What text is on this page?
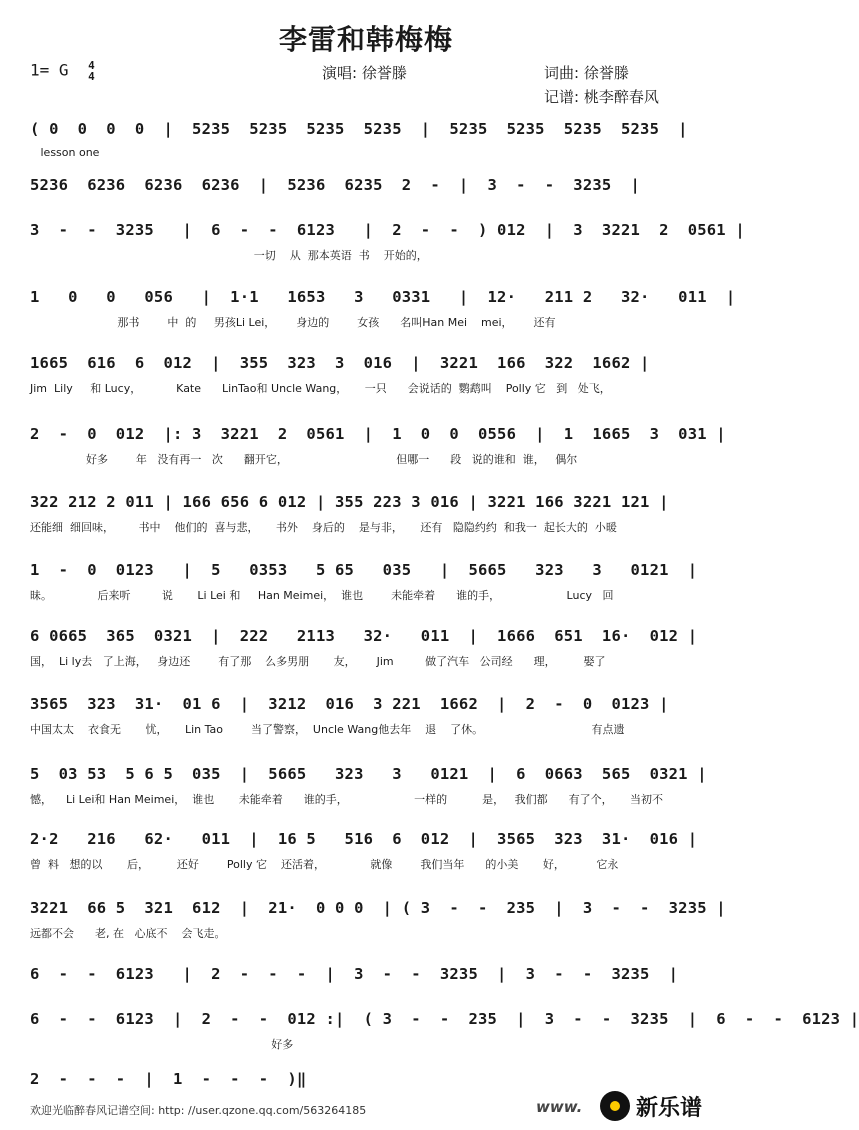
李雷和韩梅梅
1= G 4
4	演唱: 徐誉滕	词曲: 徐誉滕
记谱: 桃李醉春风
( 0  0  0  0  |  5235  5235  5235  5235  |  5235  5235  5235  5235  |
lesson one
5236  6236  6236  6236  |  5236  6235  2  -  |  3  -  -  3235  |
3  -  -  3235   |  6  -  -  6123   |  2  -  -  ) 012  |  3  3221  2  0561 |
一切    从  那本英语  书    开始的，
1   0   0   056   |  1·1   1653   3   0331   |  12·   211 2   32·   011  |
那书        中  的     男孩Li Lei，      身边的        女孩      名叫Han Mei    mei，      还有
1665  616  6  012  |  355  323  3  016  |  3221  166  322  1662 |
Jim  Lily     和 Lucy，          Kate      LinTao和 Uncle Wang，     一只      会说话的  鹦鹉叫    Polly 它   到   处飞，
2  -  0  012  |: 3  3221  2  0561  |  1  0  0  0556  |  1  1665  3  031 |
好多        年   没有再一   次      翻开它，                               但哪一      段   说的谁和  谁，   偶尔
322 212 2 011 | 166 656 6 012 | 355 223 3 016 | 3221 166 3221 121 |
还能细  细回味，       书中    他们的  喜与悲，     书外    身后的    是与非，     还有   隐隐约约  和我一  起长大的  小暖
1  -  0  0123   |  5   0353   5 65   035   |  5665   323   3   0121  |
昧。             后来听         说       Li Lei 和     Han Meimei，  谁也        未能牵着      谁的手，                   Lucy   回
6 0665  365  0321  |  222   2113   32·   011  |  1666  651  16·  012 |
国，  Li ly去   了上海，   身边还        有了那    么多男朋       友，      Jim         做了汽车   公司经      理，        娶了
3565  323  31·  01 6  |  3212  016  3 221  1662  |  2  -  0  0123 |
中国太太    衣食无       忧，     Lin Tao        当了警察，  Uncle Wang他去年    退    了休。                               有点遗
5  03 53  5 6 5  035  |  5665   323   3   0121  |  6  0663  565  0321 |
憾，    Li Lei和 Han Meimei，  谁也       未能牵着      谁的手，                   一样的          是，   我们都      有了个，     当初不
2·2   216   62·   011  |  16 5   516  6  012  |  3565  323  31·  016 |
曾  料   想的以       后，        还好        Polly 它    还活着，             就像        我们当年      的小美       好，         它永
3221  66 5  321  612  |  21·  0 0 0  | ( 3  -  -  235  |  3  -  -  3235 |
远都不会      老, 在   心底不    会飞走。
6  -  -  6123   |  2  -  -  -  |  3  -  -  3235  |  3  -  -  3235  |
6  -  -  6123  |  2  -  -  012 :|  ( 3  -  -  235  |  3  -  -  3235  |  6  -  -  6123 |
好多
2  -  -  -  |  1  -  -  -  )‖
欢迎光临醉春风记谱空间: http: //user.qzone.qq.com/563264185	www. 新乐谱
